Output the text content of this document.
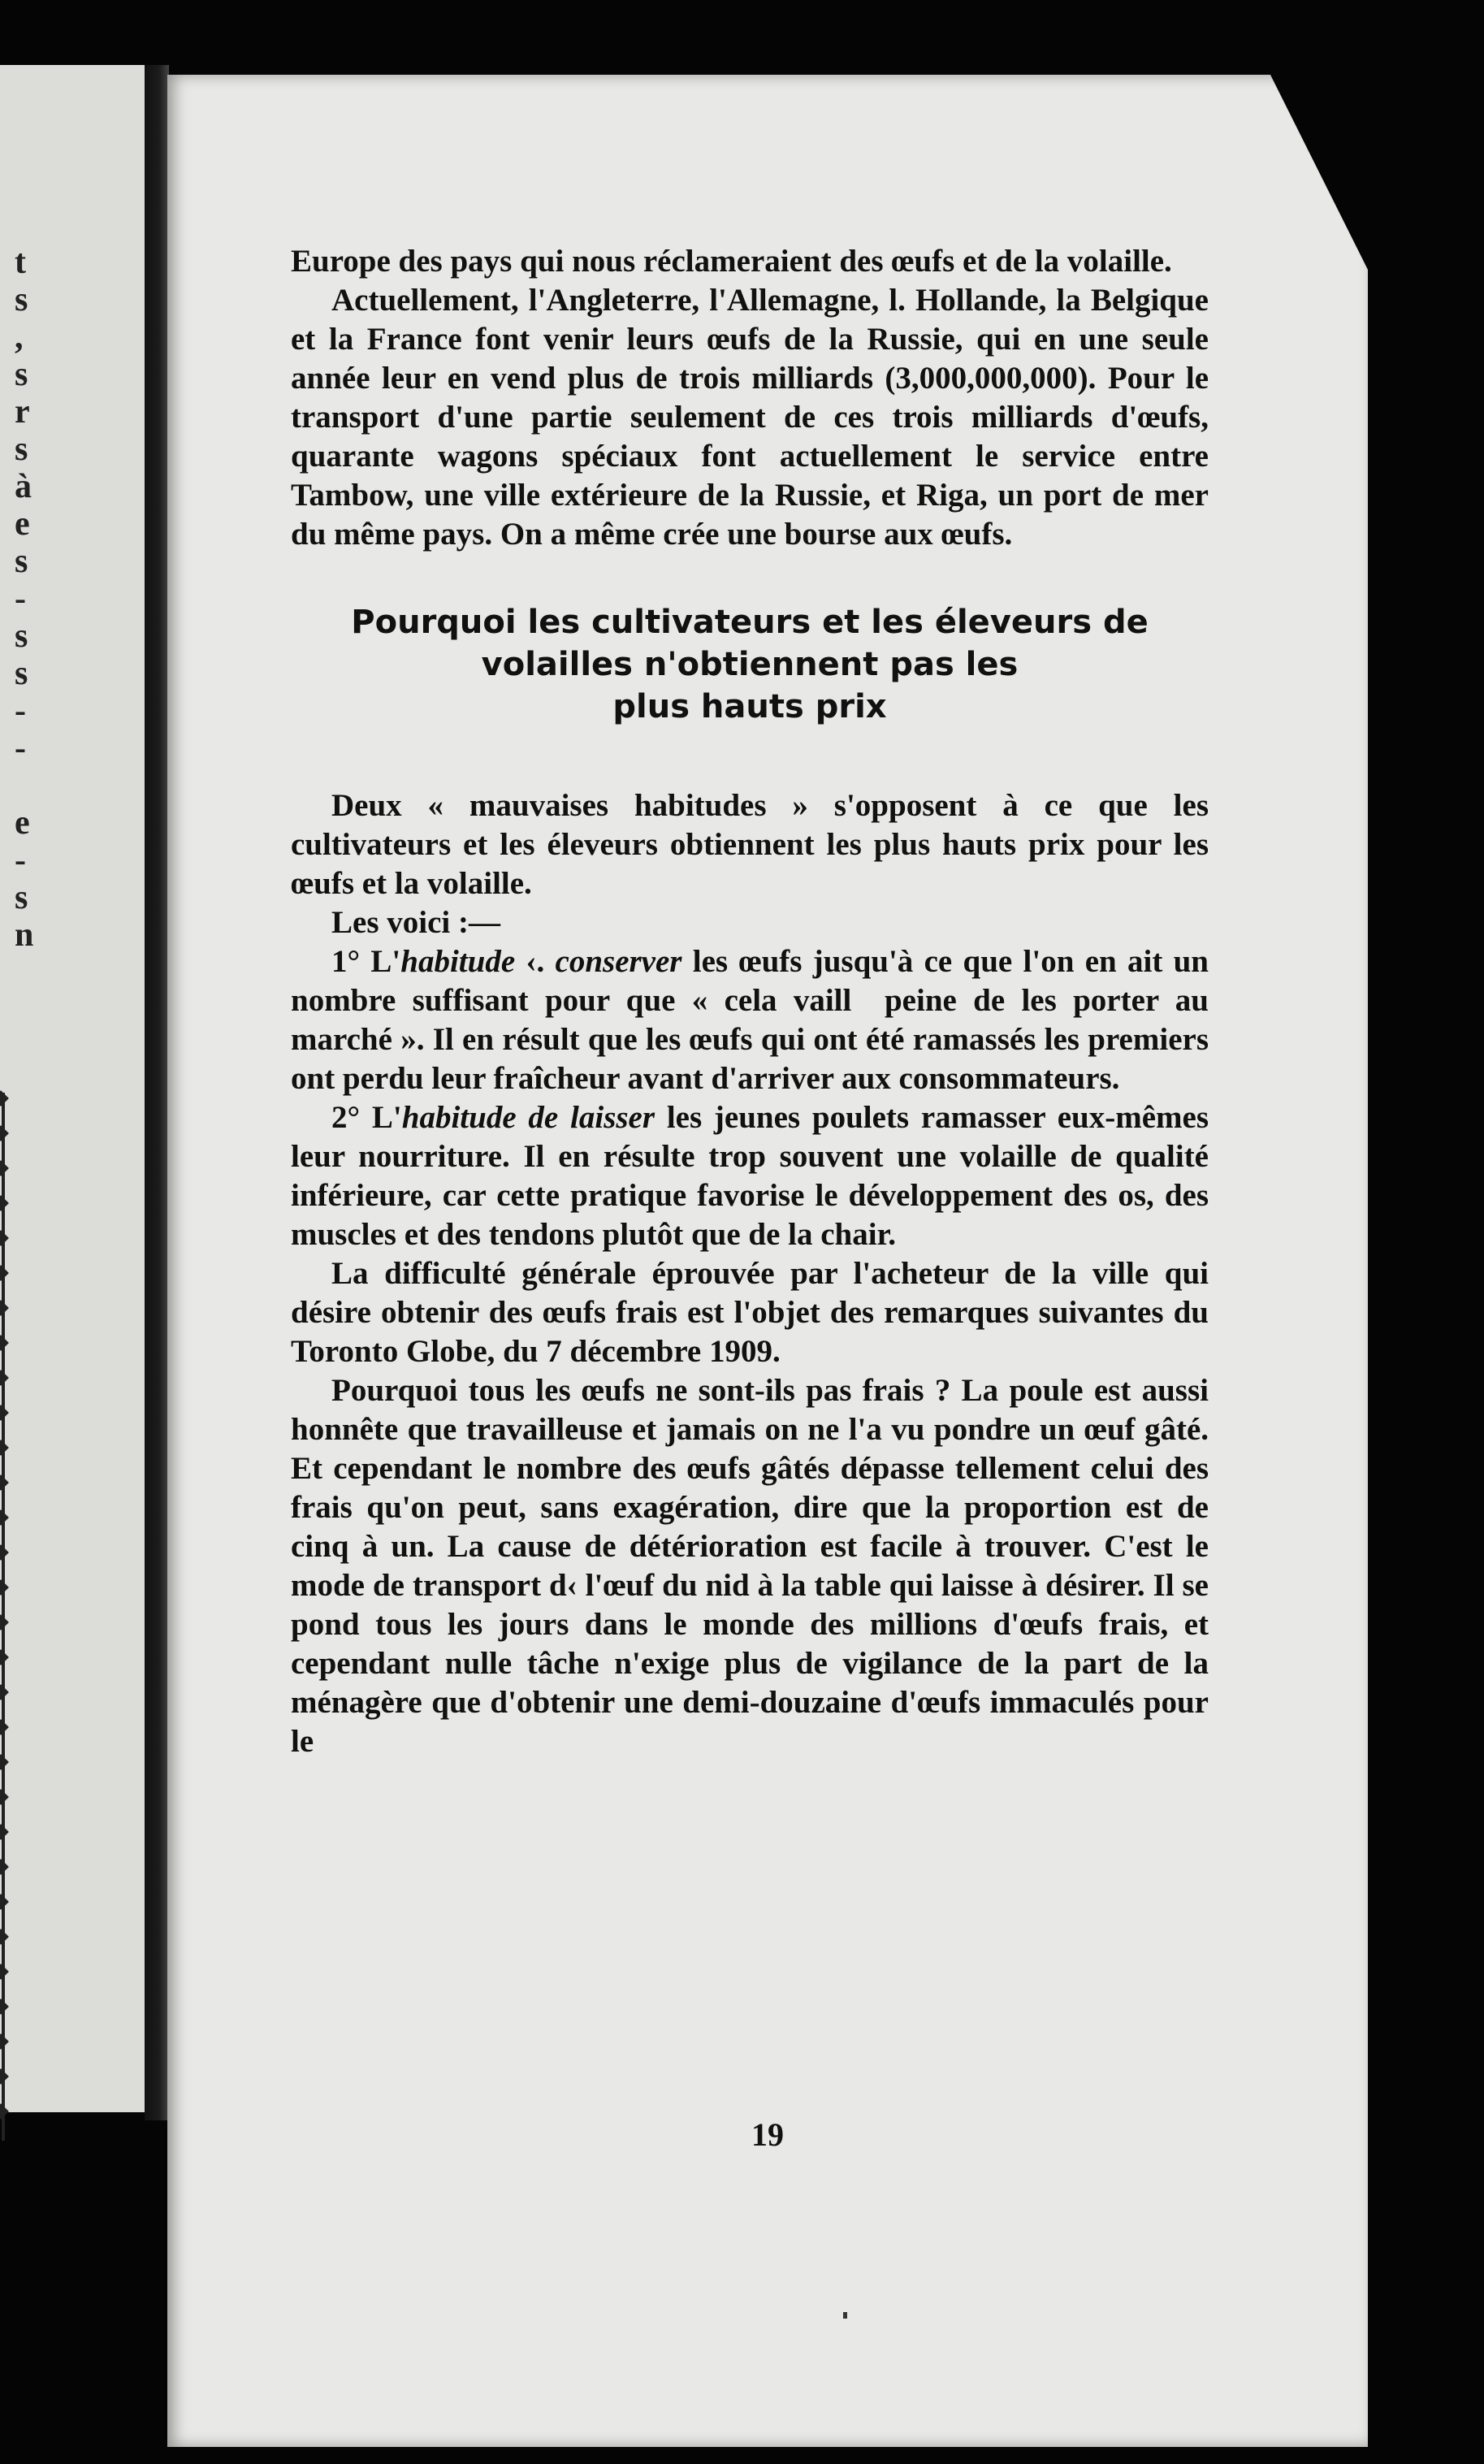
t
s
,
s
r
s
à
e
s
-
s
s
-
-
e
-
s
n

Europe des pays qui nous réclameraient des œufs et de la volaille.

Actuellement, l'Angleterre, l'Allemagne, l. Hollande, la Belgique et la France font venir leurs œufs de la Russie, qui en une seule année leur en vend plus de trois milliards (3,000,000,000). Pour le transport d'une partie seulement de ces trois milliards d'œufs, quarante wagons spéciaux font actuellement le service entre Tambow, une ville extérieure de la Russie, et Riga, un port de mer du même pays. On a même crée une bourse aux œufs.

Pourquoi les cultivateurs et les éleveurs de
volailles n'obtiennent pas les
plus hauts prix

Deux « mauvaises habitudes » s'opposent à ce que les cultivateurs et les éleveurs obtiennent les plus hauts prix pour les œufs et la volaille.

Les voici :—

1° L'habitude ‹. conserver les œufs jusqu'à ce que l'on en ait un nombre suffisant pour que « cela vaill  peine de les porter au marché ». Il en résult que les œufs qui ont été ramassés les premiers ont perdu leur fraîcheur avant d'arriver aux consommateurs.

2° L'habitude de laisser les jeunes poulets ramasser eux-mêmes leur nourriture. Il en résulte trop souvent une volaille de qualité inférieure, car cette pratique favorise le développement des os, des muscles et des tendons plutôt que de la chair.

La difficulté générale éprouvée par l'acheteur de la ville qui désire obtenir des œufs frais est l'objet des remarques suivantes du Toronto Globe, du 7 décembre 1909.

Pourquoi tous les œufs ne sont-ils pas frais ? La poule est aussi honnête que travailleuse et jamais on ne l'a vu pondre un œuf gâté. Et cependant le nombre des œufs gâtés dépasse tellement celui des frais qu'on peut, sans exagération, dire que la proportion est de cinq à un. La cause de détérioration est facile à trouver. C'est le mode de transport d‹ l'œuf du nid à la table qui laisse à désirer. Il se pond tous les jours dans le monde des millions d'œufs frais, et cependant nulle tâche n'exige plus de vigilance de la part de la ménagère que d'obtenir une demi-douzaine d'œufs immaculés pour le

19
